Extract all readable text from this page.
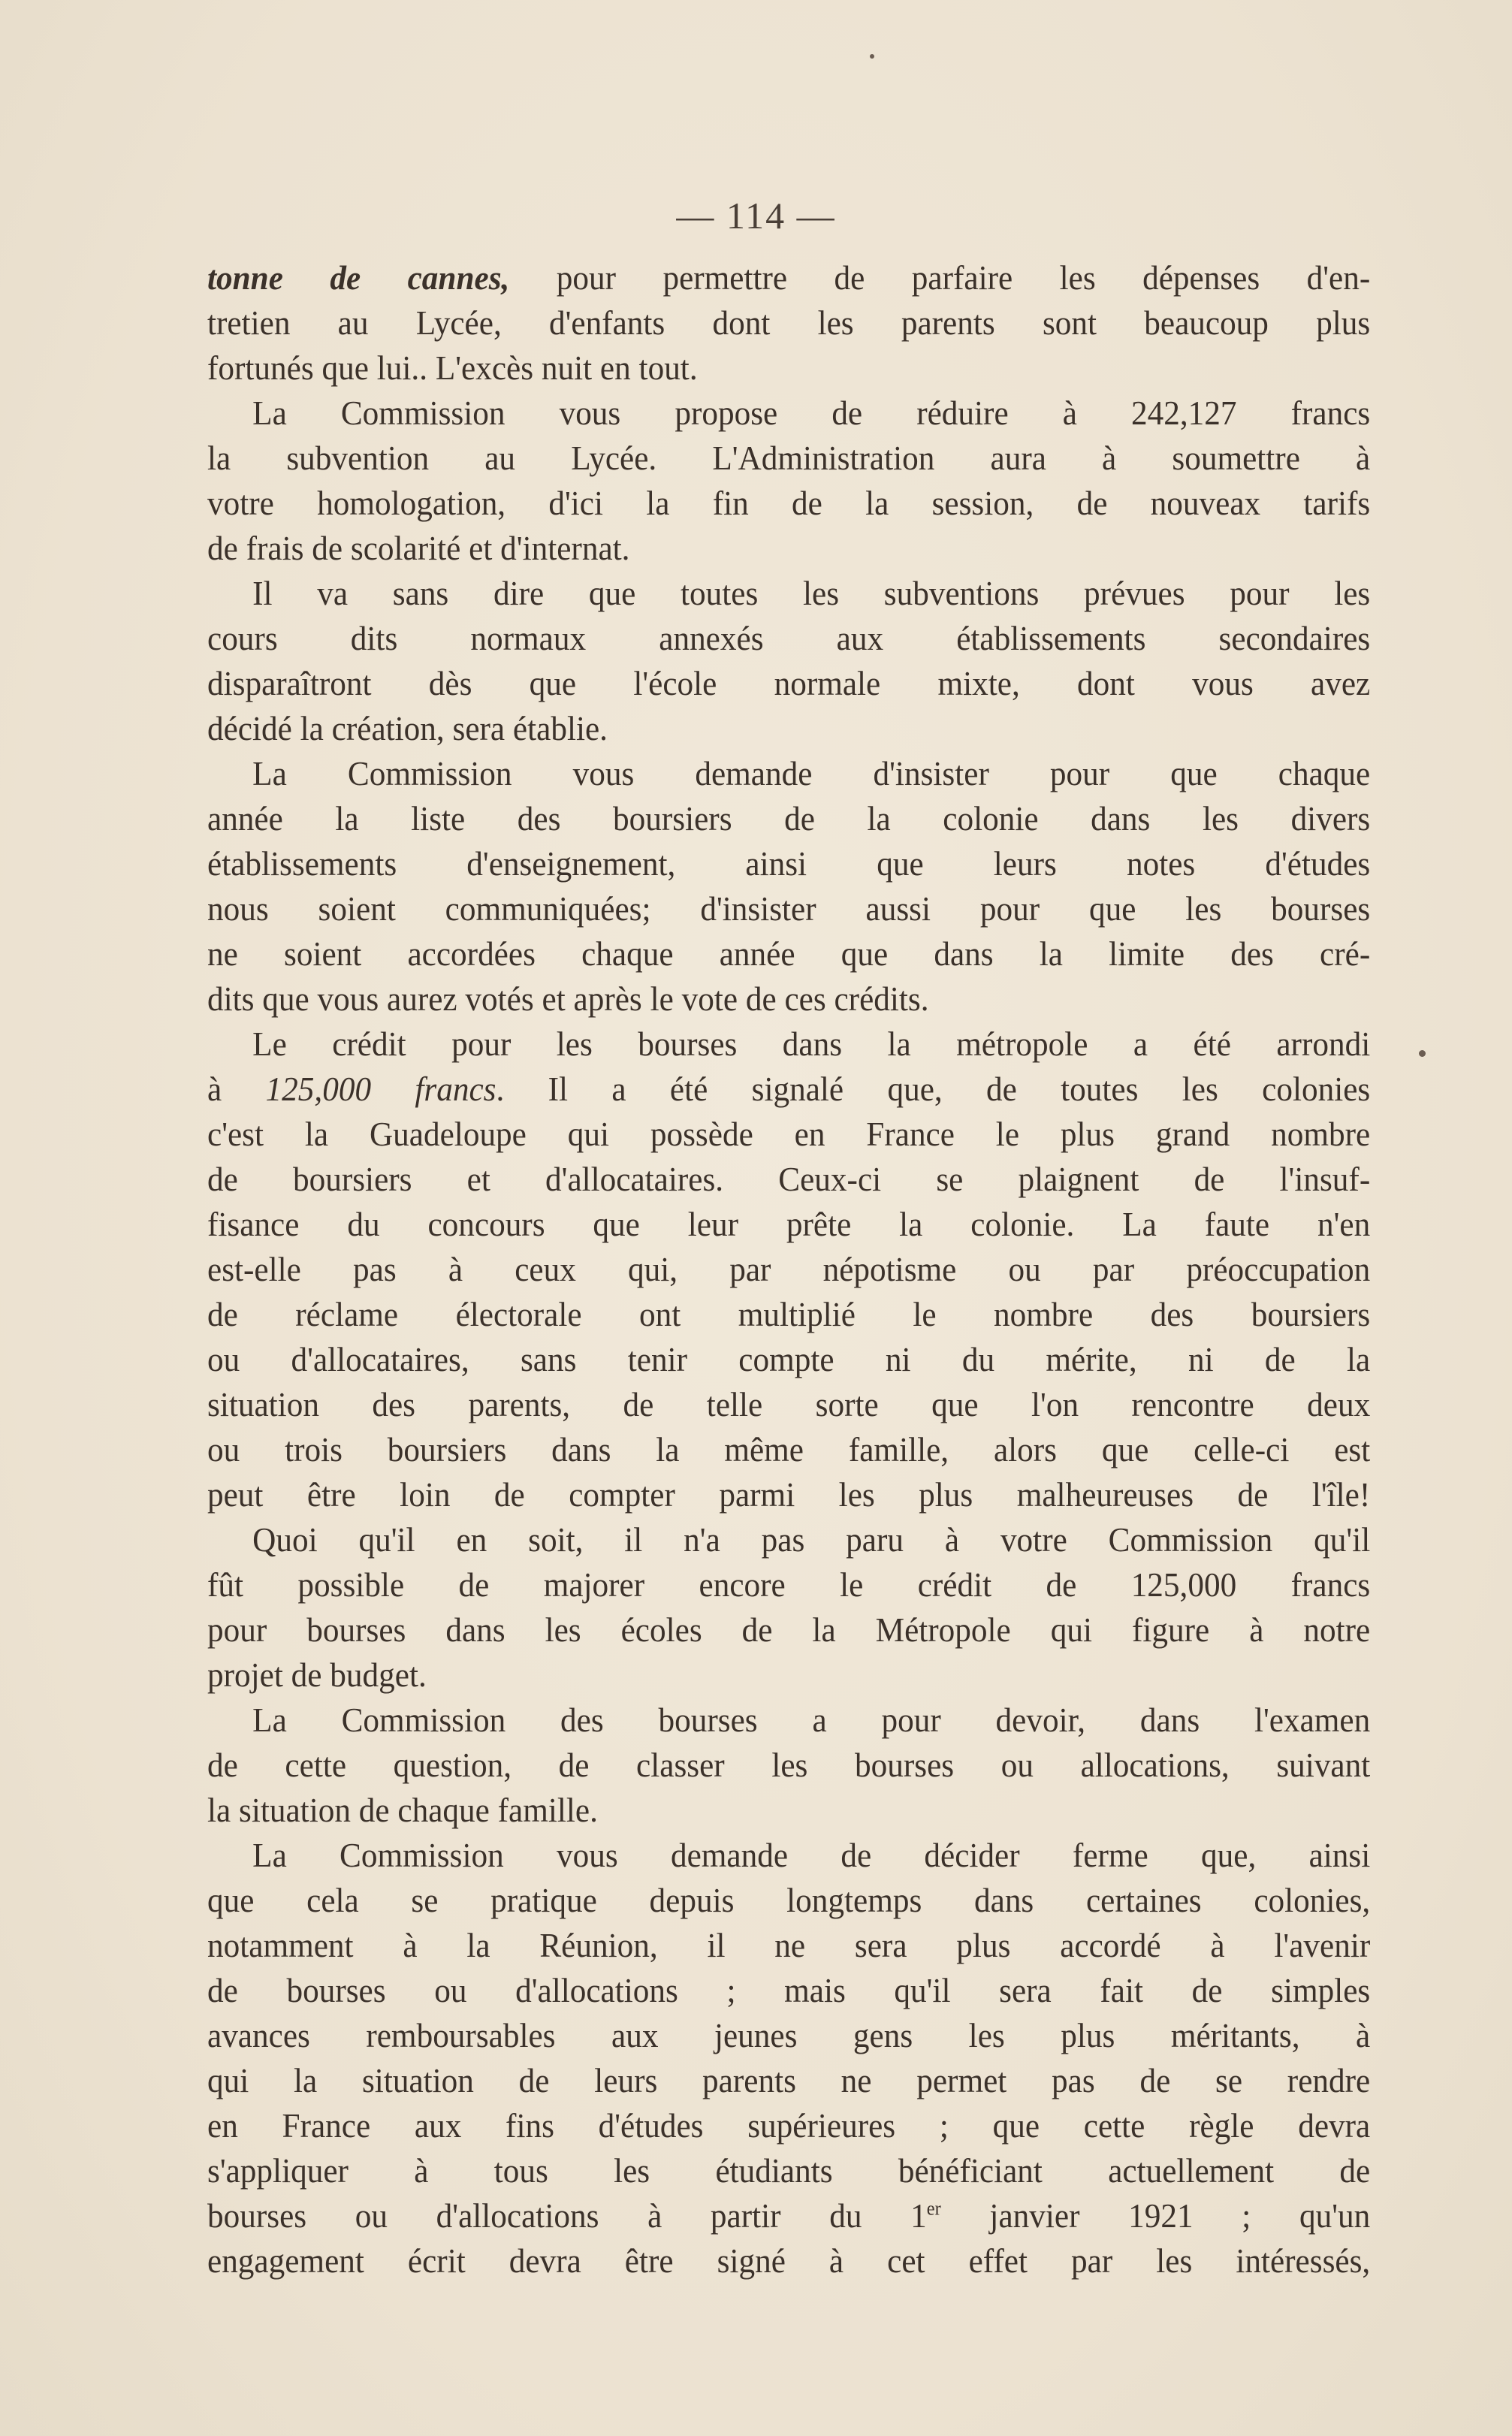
— 114 —
tonne de cannes, pour permettre de parfaire les dépenses d'en-
tretien au Lycée, d'enfants dont les parents sont beaucoup plus
fortunés que lui.. L'excès nuit en tout.
La Commission vous propose de réduire à 242,127 francs
la subvention au Lycée. L'Administration aura à soumettre à
votre homologation, d'ici la fin de la session, de nouveax tarifs
de frais de scolarité et d'internat.
Il va sans dire que toutes les subventions prévues pour les
cours dits normaux annexés aux établissements secondaires
disparaîtront dès que l'école normale mixte, dont vous avez
décidé la création, sera établie.
La Commission vous demande d'insister pour que chaque
année la liste des boursiers de la colonie dans les divers
établissements d'enseignement, ainsi que leurs notes d'études
nous soient communiquées; d'insister aussi pour que les bourses
ne soient accordées chaque année que dans la limite des cré-
dits que vous aurez votés et après le vote de ces crédits.
Le crédit pour les bourses dans la métropole a été arrondi
à 125,000 francs. Il a été signalé que, de toutes les colonies
c'est la Guadeloupe qui possède en France le plus grand nombre
de boursiers et d'allocataires. Ceux-ci se plaignent de l'insuf-
fisance du concours que leur prête la colonie. La faute n'en
est-elle pas à ceux qui, par népotisme ou par préoccupation
de réclame électorale ont multiplié le nombre des boursiers
ou d'allocataires, sans tenir compte ni du mérite, ni de la
situation des parents, de telle sorte que l'on rencontre deux
ou trois boursiers dans la même famille, alors que celle-ci est
peut être loin de compter parmi les plus malheureuses de l'île!
Quoi qu'il en soit, il n'a pas paru à votre Commission qu'il
fût possible de majorer encore le crédit de 125,000 francs
pour bourses dans les écoles de la Métropole qui figure à notre
projet de budget.
La Commission des bourses a pour devoir, dans l'examen
de cette question, de classer les bourses ou allocations, suivant
la situation de chaque famille.
La Commission vous demande de décider ferme que, ainsi
que cela se pratique depuis longtemps dans certaines colonies,
notamment à la Réunion, il ne sera plus accordé à l'avenir
de bourses ou d'allocations ; mais qu'il sera fait de simples
avances remboursables aux jeunes gens les plus méritants, à
qui la situation de leurs parents ne permet pas de se rendre
en France aux fins d'études supérieures ; que cette règle devra
s'appliquer à tous les étudiants bénéficiant actuellement de
bourses ou d'allocations à partir du 1er janvier 1921 ; qu'un
engagement écrit devra être signé à cet effet par les intéressés,
